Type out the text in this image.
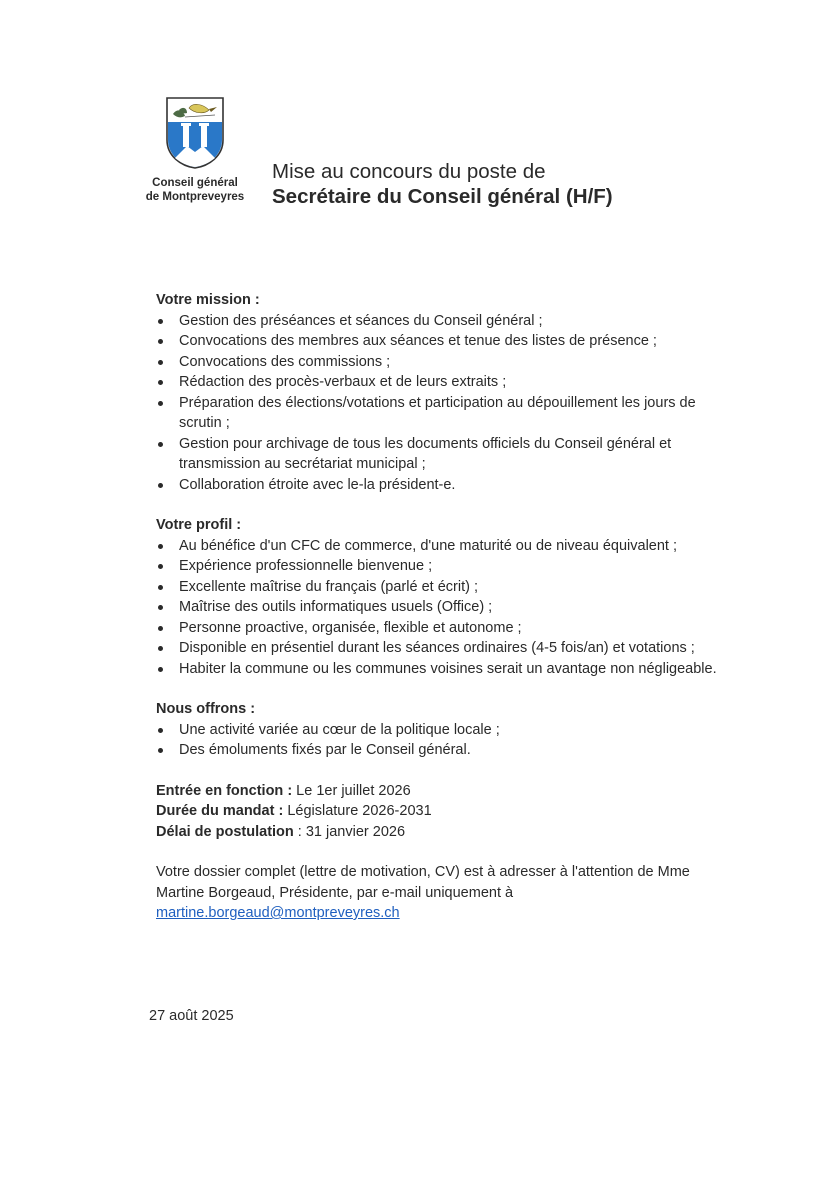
Conseil général
de Montpreveyres
Mise au concours du poste de
Secrétaire du Conseil général (H/F)

Votre mission :

Gestion des préséances et séances du Conseil général ;
Convocations des membres aux séances et tenue des listes de présence ;
Convocations des commissions ;
Rédaction des procès-verbaux et de leurs extraits ;
Préparation des élections/votations et participation au dépouillement les jours de scrutin ;
Gestion pour archivage de tous les documents officiels du Conseil général et transmission au secrétariat municipal ;
Collaboration étroite avec le-la président-e.

Votre profil :

Au bénéfice d'un CFC de commerce, d'une maturité ou de niveau équivalent ;
Expérience professionnelle bienvenue ;
Excellente maîtrise du français (parlé et écrit) ;
Maîtrise des outils informatiques usuels (Office) ;
Personne proactive, organisée, flexible et autonome ;
Disponible en présentiel durant les séances ordinaires (4-5 fois/an) et votations ;
Habiter la commune ou les communes voisines serait un avantage non négligeable.

Nous offrons :

Une activité variée au cœur de la politique locale ;
Des émoluments fixés par le Conseil général.

Entrée en fonction : Le 1er juillet 2026

Durée du mandat : Législature 2026-2031

Délai de postulation : 31 janvier 2026

Votre dossier complet (lettre de motivation, CV) est à adresser à l'attention de Mme Martine Borgeaud, Présidente, par e-mail uniquement à
martine.borgeaud@montpreveyres.ch

27 août 2025
